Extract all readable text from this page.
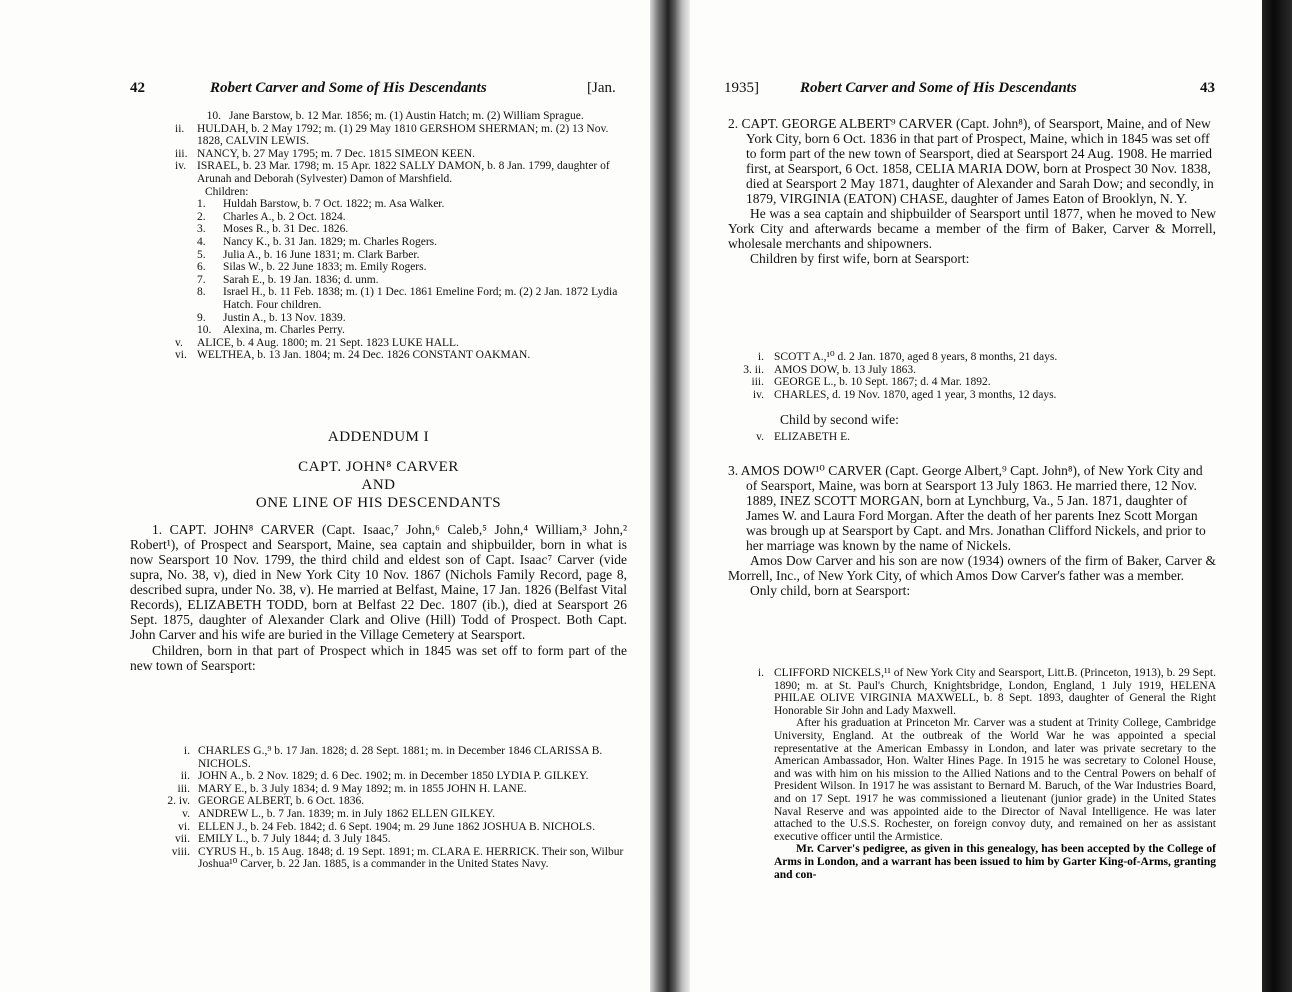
42	Robert Carver and Some of His Descendants	[Jan.
10. Jane Barstow, b. 12 Mar. 1856; m. (1) Austin Hatch; m. (2) William Sprague.
ii.	HULDAH, b. 2 May 1792; m. (1) 29 May 1810 GERSHOM SHERMAN; m. (2) 13 Nov. 1828, CALVIN LEWIS.
iii. NANCY, b. 27 May 1795; m. 7 Dec. 1815 SIMEON KEEN.
iv. ISRAEL, b. 23 Mar. 1798; m. 15 Apr. 1822 SALLY DAMON, b. 8 Jan. 1799, daughter of Arunah and Deborah (Sylvester) Damon of Marshfield.
Children:
1.	Huldah Barstow, b. 7 Oct. 1822; m. Asa Walker.
2.	Charles A., b. 2 Oct. 1824.
3.	Moses R., b. 31 Dec. 1826.
4.	Nancy K., b. 31 Jan. 1829; m. Charles Rogers.
5.	Julia A., b. 16 June 1831; m. Clark Barber.
6.	Silas W., b. 22 June 1833; m. Emily Rogers.
7.	Sarah E., b. 19 Jan. 1836; d. unm.
8.	Israel H., b. 11 Feb. 1838; m. (1) 1 Dec. 1861 Emeline Ford; m. (2) 2 Jan. 1872 Lydia Hatch. Four children.
9.	Justin A., b. 13 Nov. 1839.
10.	Alexina, m. Charles Perry.
v.	ALICE, b. 4 Aug. 1800; m. 21 Sept. 1823 LUKE HALL.
vi. WELTHEA, b. 13 Jan. 1804; m. 24 Dec. 1826 CONSTANT OAKMAN.
ADDENDUM I
CAPT. JOHN⁸ CARVER
AND
ONE LINE OF HIS DESCENDANTS
1. CAPT. JOHN⁸ CARVER (Capt. Isaac,⁷ John,⁶ Caleb,⁵ John,⁴ William,³ John,² Robert¹), of Prospect and Searsport, Maine, sea captain and shipbuilder, born in what is now Searsport 10 Nov. 1799, the third child and eldest son of Capt. Isaac⁷ Carver (vide supra, No. 38, v), died in New York City 10 Nov. 1867 (Nichols Family Record, page 8, described supra, under No. 38, v). He married at Belfast, Maine, 17 Jan. 1826 (Belfast Vital Records), ELIZABETH TODD, born at Belfast 22 Dec. 1807 (ib.), died at Searsport 26 Sept. 1875, daughter of Alexander Clark and Olive (Hill) Todd of Prospect. Both Capt. John Carver and his wife are buried in the Village Cemetery at Searsport.
Children, born in that part of Prospect which in 1845 was set off to form part of the new town of Searsport:
i. CHARLES G.,⁹ b. 17 Jan. 1828; d. 28 Sept. 1881; m. in December 1846 CLARISSA B. NICHOLS.
ii. JOHN A., b. 2 Nov. 1829; d. 6 Dec. 1902; m. in December 1850 LYDIA P. GILKEY.
iii. MARY E., b. 3 July 1834; d. 9 May 1892; m. in 1855 JOHN H. LANE.
2. iv. GEORGE ALBERT, b. 6 Oct. 1836.
v. ANDREW L., b. 7 Jan. 1839; m. in July 1862 ELLEN GILKEY.
vi. ELLEN J., b. 24 Feb. 1842; d. 6 Sept. 1904; m. 29 June 1862 JOSHUA B. NICHOLS.
vii. EMILY L., b. 7 July 1844; d. 3 July 1845.
viii. CYRUS H., b. 15 Aug. 1848; d. 19 Sept. 1891; m. CLARA E. HERRICK. Their son, Wilbur Joshua¹⁰ Carver, b. 22 Jan. 1885, is a commander in the United States Navy.
1935]	Robert Carver and Some of His Descendants	43
2. CAPT. GEORGE ALBERT⁹ CARVER (Capt. John⁸), of Searsport, Maine, and of New York City, born 6 Oct. 1836 in that part of Prospect, Maine, which in 1845 was set off to form part of the new town of Searsport, died at Searsport 24 Aug. 1908. He married first, at Searsport, 6 Oct. 1858, CELIA MARIA DOW, born at Prospect 30 Nov. 1838, died at Searsport 2 May 1871, daughter of Alexander and Sarah Dow; and secondly, in 1879, VIRGINIA (EATON) CHASE, daughter of James Eaton of Brooklyn, N. Y.
He was a sea captain and shipbuilder of Searsport until 1877, when he moved to New York City and afterwards became a member of the firm of Baker, Carver & Morrell, wholesale merchants and shipowners.
Children by first wife, born at Searsport:
i. SCOTT A.,¹⁰ d. 2 Jan. 1870, aged 8 years, 8 months, 21 days.
3. ii. AMOS DOW, b. 13 July 1863.
iii. GEORGE L., b. 10 Sept. 1867; d. 4 Mar. 1892.
iv. CHARLES, d. 19 Nov. 1870, aged 1 year, 3 months, 12 days.
Child by second wife:
v. ELIZABETH E.
3. AMOS DOW¹⁰ CARVER (Capt. George Albert,⁹ Capt. John⁸), of New York City and of Searsport, Maine, was born at Searsport 13 July 1863. He married there, 12 Nov. 1889, INEZ SCOTT MORGAN, born at Lynchburg, Va., 5 Jan. 1871, daughter of James W. and Laura Ford Morgan. After the death of her parents Inez Scott Morgan was brough up at Searsport by Capt. and Mrs. Jonathan Clifford Nickels, and prior to her marriage was known by the name of Nickels.
Amos Dow Carver and his son are now (1934) owners of the firm of Baker, Carver & Morrell, Inc., of New York City, of which Amos Dow Carver's father was a member.
Only child, born at Searsport:
i. CLIFFORD NICKELS,¹¹ of New York City and Searsport, Litt.B. (Princeton, 1913), b. 29 Sept. 1890; m. at St. Paul's Church, Knightsbridge, London, England, 1 July 1919, HELENA PHILAE OLIVE VIRGINIA MAXWELL, b. 8 Sept. 1893, daughter of General the Right Honorable Sir John and Lady Maxwell.
After his graduation at Princeton Mr. Carver was a student at Trinity College, Cambridge University, England. At the outbreak of the World War he was appointed a special representative at the American Embassy in London, and later was private secretary to the American Ambassador, Hon. Walter Hines Page. In 1915 he was secretary to Colonel House, and was with him on his mission to the Allied Nations and to the Central Powers on behalf of President Wilson. In 1917 he was assistant to Bernard M. Baruch, of the War Industries Board, and on 17 Sept. 1917 he was commissioned a lieutenant (junior grade) in the United States Naval Reserve and was appointed aide to the Director of Naval Intelligence. He was later attached to the U.S.S. Rochester, on foreign convoy duty, and remained on her as assistant executive officer until the Armistice.
Mr. Carver's pedigree, as given in this genealogy, has been accepted by the College of Arms in London, and a warrant has been issued to him by Garter King-of-Arms, granting and con-
